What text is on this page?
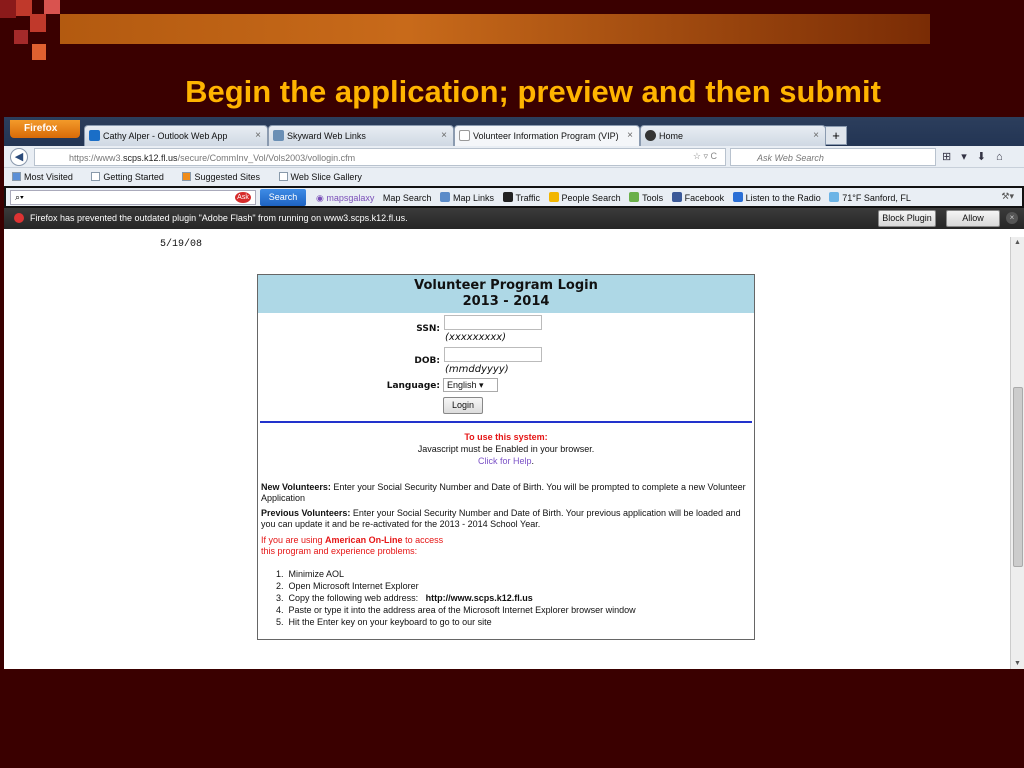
Begin the application; preview and then submit
Firefox
Cathy Alper - Outlook Web App	×	Skyward Web Links	×	Volunteer Information Program (VIP) ×	Home	×	+
◀	https://www3.scps.k12.fl.us/secure/CommInv_Vol/Vols2003/vollogin.cfm	☆ ▿ C	Ask Web Search	⊞▾⬇⌂
Most Visited	Getting Started	Suggested Sites	Web Slice Gallery
⌕▾	Ask	Search	◉ mapsgalaxy Map Search Map Links Traffic People Search Tools Facebook Listen to the Radio 71°F Sanford, FL	⚒▾
Firefox has prevented the outdated plugin "Adobe Flash" from running on www3.scps.k12.fl.us.	Block Plugin	Allow	×
5/19/08
Volunteer Program Login
2013 - 2014
SSN:
(xxxxxxxxx)
DOB:
(mmddyyyy)
Language: English ▾
Login
To use this system:
Javascript must be Enabled in your browser.
Click for Help.
New Volunteers: Enter your Social Security Number and Date of Birth. You will be prompted to complete a new Volunteer Application
Previous Volunteers: Enter your Social Security Number and Date of Birth. Your previous application will be loaded and you can update it and be re-activated for the 2013 - 2014 School Year.
If you are using American On-Line to access
this program and experience problems:
1.  Minimize AOL
2.  Open Microsoft Internet Explorer
3.  Copy the following web address: http://www.scps.k12.fl.us
4.  Paste or type it into the address area of the Microsoft Internet Explorer browser window
5.  Hit the Enter key on your keyboard to go to our site
▲
▼
